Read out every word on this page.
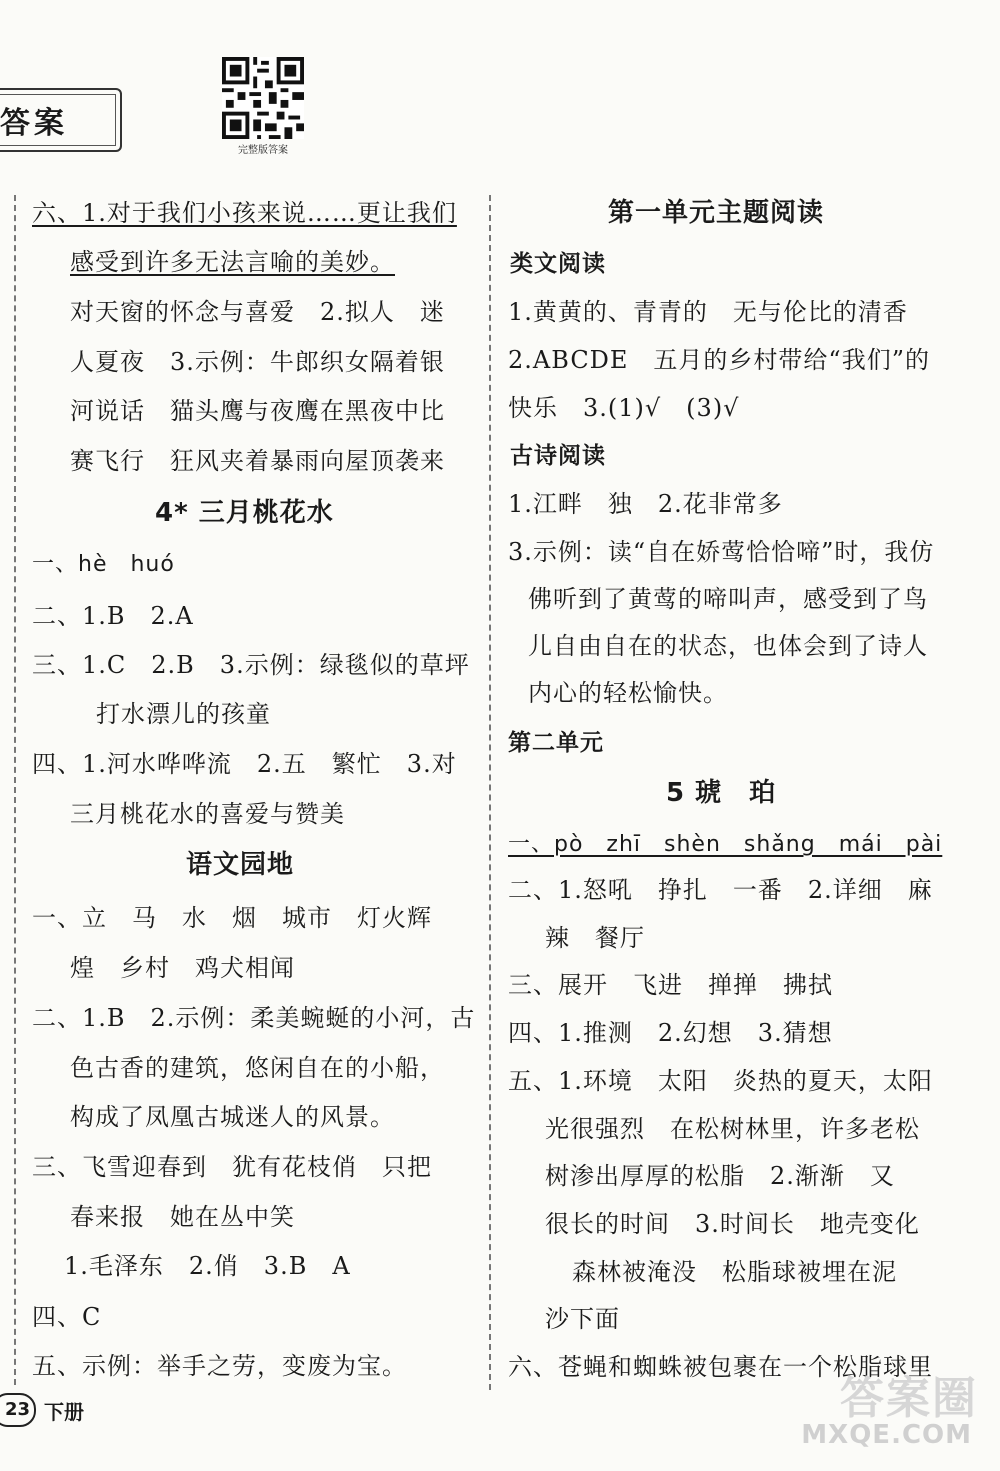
答案
完整版答案
六、1.对于我们小孩来说……更让我们
感受到许多无法言喻的美妙。
对天窗的怀念与喜爱　2.拟人　迷
人夏夜　3.示例：牛郎织女隔着银
河说话　猫头鹰与夜鹰在黑夜中比
赛飞行　狂风夹着暴雨向屋顶袭来
4* 三月桃花水
一、hè　huó
二、1.B　2.A
三、1.C　2.B　3.示例：绿毯似的草坪
打水漂儿的孩童
四、1.河水哗哗流　2.五　繁忙　3.对
三月桃花水的喜爱与赞美
语文园地
一、立　马　水　烟　城市　灯火辉
煌　乡村　鸡犬相闻
二、1.B　2.示例：柔美蜿蜒的小河，古
色古香的建筑，悠闲自在的小船，
构成了凤凰古城迷人的风景。
三、飞雪迎春到　犹有花枝俏　只把
春来报　她在丛中笑
1.毛泽东　2.俏　3.B　A
四、C
五、示例：举手之劳，变废为宝。
第一单元主题阅读
类文阅读
1.黄黄的、青青的　无与伦比的清香
2.ABCDE　五月的乡村带给“我们”的
快乐　3.(1)√　(3)√
古诗阅读
1.江畔　独　2.花非常多
3.示例：读“自在娇莺恰恰啼”时，我仿
佛听到了黄莺的啼叫声，感受到了鸟
儿自由自在的状态，也体会到了诗人
内心的轻松愉快。
第二单元
5 琥　珀
一、pò　zhī　shèn　shǎng　mái　pài
二、1.怒吼　挣扎　一番　2.详细　麻
辣　餐厅
三、展开　飞进　掸掸　拂拭
四、1.推测　2.幻想　3.猜想
五、1.环境　太阳　炎热的夏天，太阳
光很强烈　在松树林里，许多老松
树渗出厚厚的松脂　2.渐渐　又
很长的时间　3.时间长　地壳变化
森林被淹没　松脂球被埋在泥
沙下面
六、苍蝇和蜘蛛被包裹在一个松脂球里
23 下册	答案圈
MXQE.COM
